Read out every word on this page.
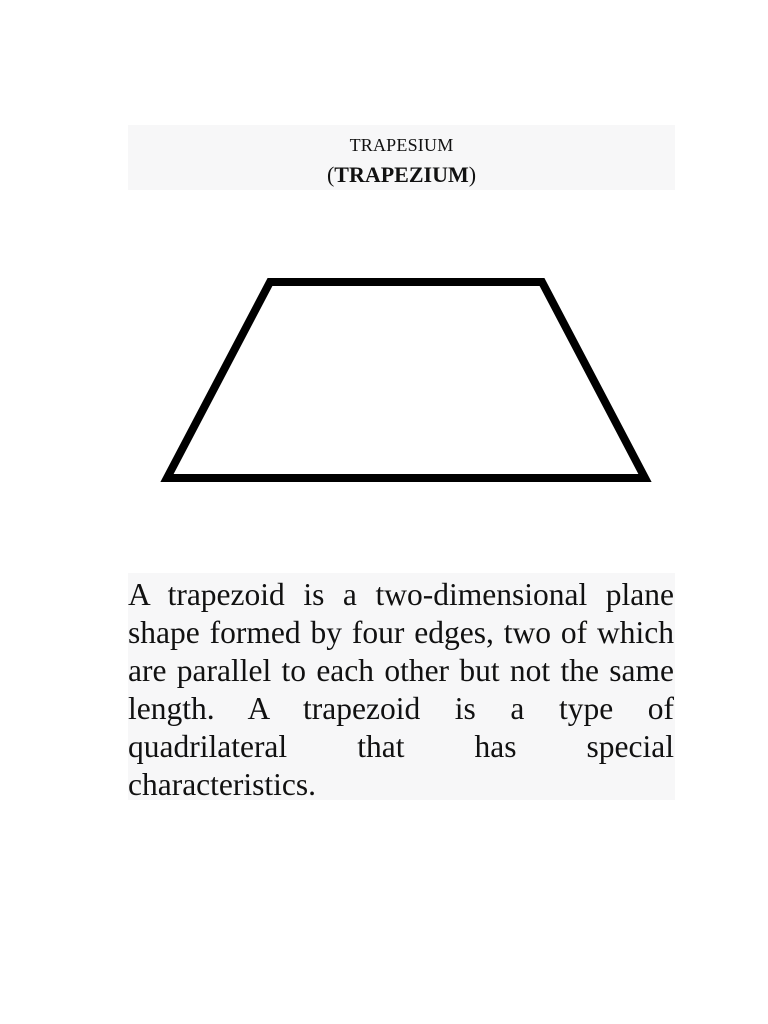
TRAPESIUM
(TRAPEZIUM)
A trapezoid is a two-dimensional plane shape formed by four edges, two of which are parallel to each other but not the same length. A trapezoid is a type of quadrilateral that has special characteristics.
